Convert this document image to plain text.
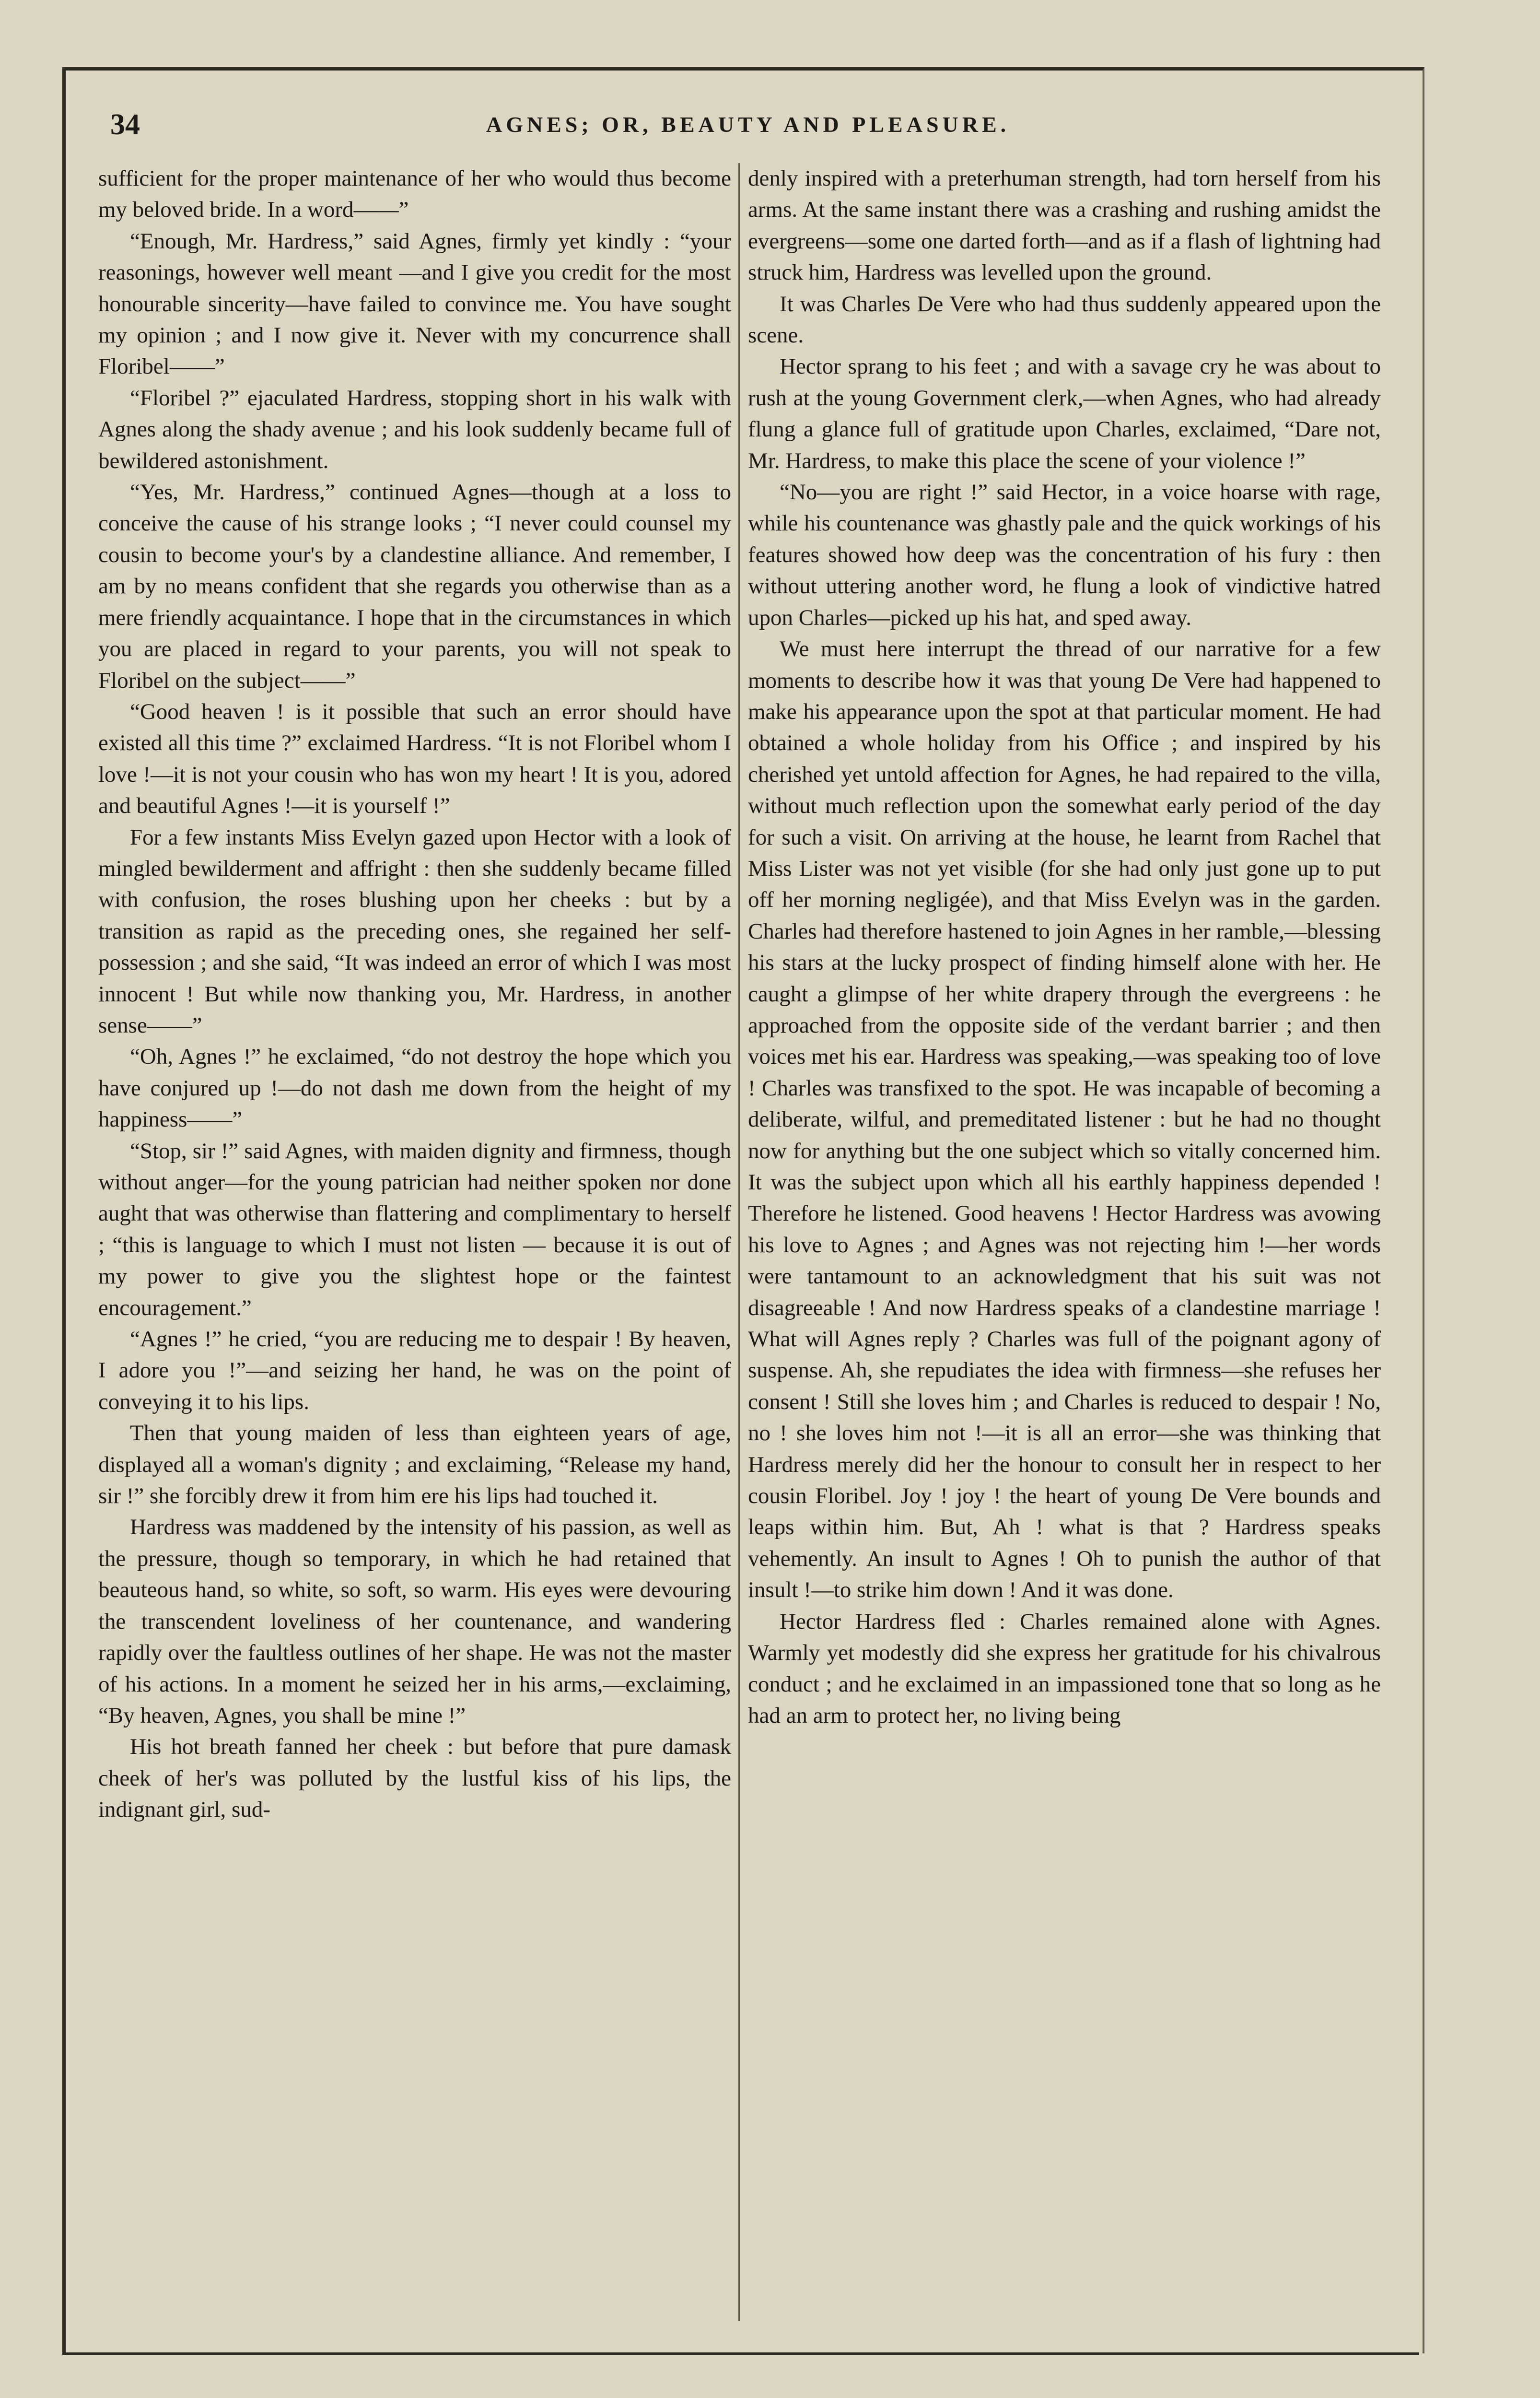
34	AGNES; OR, BEAUTY AND PLEASURE.

sufficient for the proper maintenance of her who would thus become my beloved bride. In a word——”

“Enough, Mr. Hardress,” said Agnes, firmly yet kindly : “your reasonings, however well meant —and I give you credit for the most honourable sincerity—have failed to convince me. You have sought my opinion ; and I now give it. Never with my concurrence shall Floribel——”

“Floribel ?” ejaculated Hardress, stopping short in his walk with Agnes along the shady avenue ; and his look suddenly became full of bewildered astonishment.

“Yes, Mr. Hardress,” continued Agnes—though at a loss to conceive the cause of his strange looks ; “I never could counsel my cousin to become your's by a clandestine alliance. And remember, I am by no means confident that she regards you otherwise than as a mere friendly acquaintance. I hope that in the circumstances in which you are placed in regard to your parents, you will not speak to Floribel on the subject——”

“Good heaven ! is it possible that such an error should have existed all this time ?” exclaimed Hardress. “It is not Floribel whom I love !—it is not your cousin who has won my heart ! It is you, adored and beautiful Agnes !—it is yourself !”

For a few instants Miss Evelyn gazed upon Hector with a look of mingled bewilderment and affright : then she suddenly became filled with confusion, the roses blushing upon her cheeks : but by a transition as rapid as the preceding ones, she regained her self-possession ; and she said, “It was indeed an error of which I was most innocent ! But while now thanking you, Mr. Hardress, in another sense——”

“Oh, Agnes !” he exclaimed, “do not destroy the hope which you have conjured up !—do not dash me down from the height of my happiness——”

“Stop, sir !” said Agnes, with maiden dignity and firmness, though without anger—for the young patrician had neither spoken nor done aught that was otherwise than flattering and complimentary to herself ; “this is language to which I must not listen — because it is out of my power to give you the slightest hope or the faintest encouragement.”

“Agnes !” he cried, “you are reducing me to despair ! By heaven, I adore you !”—and seizing her hand, he was on the point of conveying it to his lips.

Then that young maiden of less than eighteen years of age, displayed all a woman's dignity ; and exclaiming, “Release my hand, sir !” she forcibly drew it from him ere his lips had touched it.

Hardress was maddened by the intensity of his passion, as well as the pressure, though so temporary, in which he had retained that beauteous hand, so white, so soft, so warm. His eyes were devouring the transcendent loveliness of her countenance, and wandering rapidly over the faultless outlines of her shape. He was not the master of his actions. In a moment he seized her in his arms,—exclaiming, “By heaven, Agnes, you shall be mine !”

His hot breath fanned her cheek : but before that pure damask cheek of her's was polluted by the lustful kiss of his lips, the indignant girl, sud-

denly inspired with a preterhuman strength, had torn herself from his arms. At the same instant there was a crashing and rushing amidst the evergreens—some one darted forth—and as if a flash of lightning had struck him, Hardress was levelled upon the ground.

It was Charles De Vere who had thus suddenly appeared upon the scene.

Hector sprang to his feet ; and with a savage cry he was about to rush at the young Government clerk,—when Agnes, who had already flung a glance full of gratitude upon Charles, exclaimed, “Dare not, Mr. Hardress, to make this place the scene of your violence !”

“No—you are right !” said Hector, in a voice hoarse with rage, while his countenance was ghastly pale and the quick workings of his features showed how deep was the concentration of his fury : then without uttering another word, he flung a look of vindictive hatred upon Charles—picked up his hat, and sped away.

We must here interrupt the thread of our narrative for a few moments to describe how it was that young De Vere had happened to make his appearance upon the spot at that particular moment. He had obtained a whole holiday from his Office ; and inspired by his cherished yet untold affection for Agnes, he had repaired to the villa, without much reflection upon the somewhat early period of the day for such a visit. On arriving at the house, he learnt from Rachel that Miss Lister was not yet visible (for she had only just gone up to put off her morning negligée), and that Miss Evelyn was in the garden. Charles had therefore hastened to join Agnes in her ramble,—blessing his stars at the lucky prospect of finding himself alone with her. He caught a glimpse of her white drapery through the evergreens : he approached from the opposite side of the verdant barrier ; and then voices met his ear. Hardress was speaking,—was speaking too of love ! Charles was transfixed to the spot. He was incapable of becoming a deliberate, wilful, and premeditated listener : but he had no thought now for anything but the one subject which so vitally concerned him. It was the subject upon which all his earthly happiness depended ! Therefore he listened. Good heavens ! Hector Hardress was avowing his love to Agnes ; and Agnes was not rejecting him !—her words were tantamount to an acknowledgment that his suit was not disagreeable ! And now Hardress speaks of a clandestine marriage ! What will Agnes reply ? Charles was full of the poignant agony of suspense. Ah, she repudiates the idea with firmness—she refuses her consent ! Still she loves him ; and Charles is reduced to despair ! No, no ! she loves him not !—it is all an error—she was thinking that Hardress merely did her the honour to consult her in respect to her cousin Floribel. Joy ! joy ! the heart of young De Vere bounds and leaps within him. But, Ah ! what is that ? Hardress speaks vehemently. An insult to Agnes ! Oh to punish the author of that insult !—to strike him down ! And it was done.

Hector Hardress fled : Charles remained alone with Agnes. Warmly yet modestly did she express her gratitude for his chivalrous conduct ; and he exclaimed in an impassioned tone that so long as he had an arm to protect her, no living being
